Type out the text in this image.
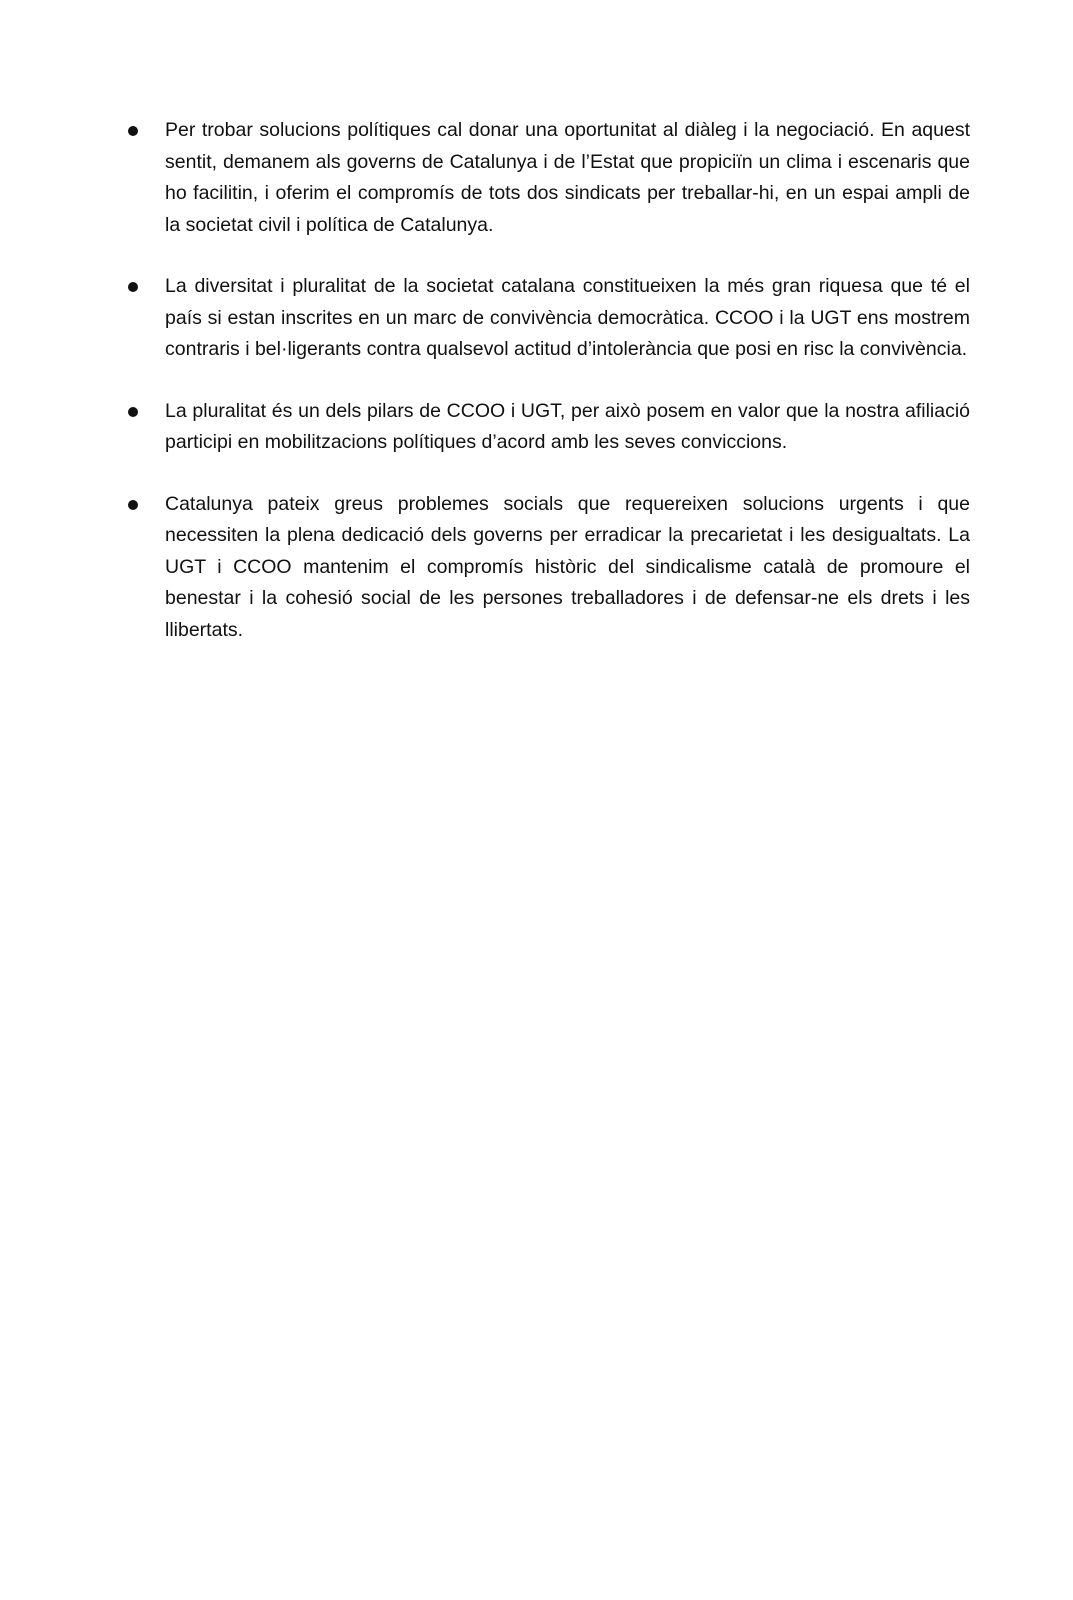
Per trobar solucions polítiques cal donar una oportunitat al diàleg i la negociació. En aquest sentit, demanem als governs de Catalunya i de l’Estat que propiciïn un clima i escenaris que ho facilitin, i oferim el compromís de tots dos sindicats per treballar-hi, en un espai ampli de la societat civil i política de Catalunya.
La diversitat i pluralitat de la societat catalana constitueixen la més gran riquesa que té el país si estan inscrites en un marc de convivència democràtica. CCOO i la UGT ens mostrem contraris i bel·ligerants contra qualsevol actitud d’intolerància que posi en risc la convivència.
La pluralitat és un dels pilars de CCOO i UGT, per això posem en valor que la nostra afiliació participi en mobilitzacions polítiques d’acord amb les seves conviccions.
Catalunya pateix greus problemes socials que requereixen solucions urgents i que necessiten la plena dedicació dels governs per erradicar la precarietat i les desigualtats. La UGT i CCOO mantenim el compromís històric del sindicalisme català de promoure el benestar i la cohesió social de les persones treballadores i de defensar-ne els drets i les llibertats.
